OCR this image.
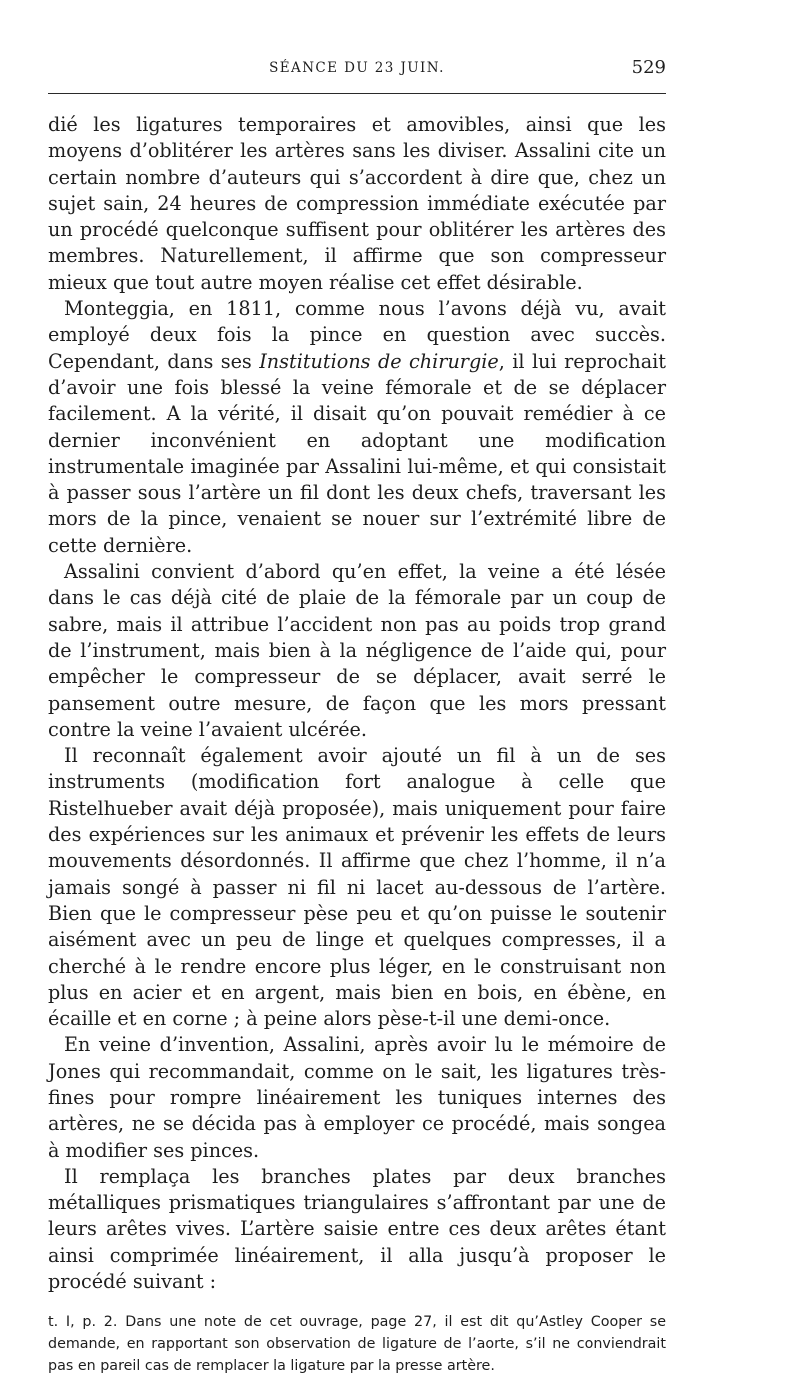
SÉANCE DU 23 JUIN.	529

dié les ligatures temporaires et amovibles, ainsi que les moyens d’oblitérer les artères sans les diviser. Assalini cite un certain nombre d’auteurs qui s’accordent à dire que, chez un sujet sain, 24 heures de compression immédiate exécutée par un procédé quelconque suffisent pour oblitérer les artères des membres. Naturellement, il affirme que son compresseur mieux que tout autre moyen réalise cet effet désirable.

Monteggia, en 1811, comme nous l’avons déjà vu, avait employé deux fois la pince en question avec succès. Cependant, dans ses Institutions de chirurgie, il lui reprochait d’avoir une fois blessé la veine fémorale et de se déplacer facilement. A la vérité, il disait qu’on pouvait remédier à ce dernier inconvénient en adoptant une modification instrumentale imaginée par Assalini lui-même, et qui consistait à passer sous l’artère un fil dont les deux chefs, traversant les mors de la pince, venaient se nouer sur l’extrémité libre de cette dernière.

Assalini convient d’abord qu’en effet, la veine a été lésée dans le cas déjà cité de plaie de la fémorale par un coup de sabre, mais il attribue l’accident non pas au poids trop grand de l’instrument, mais bien à la négligence de l’aide qui, pour empêcher le compresseur de se déplacer, avait serré le pansement outre mesure, de façon que les mors pressant contre la veine l’avaient ulcérée.

Il reconnaît également avoir ajouté un fil à un de ses instruments (modification fort analogue à celle que Ristelhueber avait déjà proposée), mais uniquement pour faire des expériences sur les animaux et prévenir les effets de leurs mouvements désordonnés. Il affirme que chez l’homme, il n’a jamais songé à passer ni fil ni lacet au-dessous de l’artère. Bien que le compresseur pèse peu et qu’on puisse le soutenir aisément avec un peu de linge et quelques compresses, il a cherché à le rendre encore plus léger, en le construisant non plus en acier et en argent, mais bien en bois, en ébène, en écaille et en corne ; à peine alors pèse-t-il une demi-once.

En veine d’invention, Assalini, après avoir lu le mémoire de Jones qui recommandait, comme on le sait, les ligatures très-fines pour rompre linéairement les tuniques internes des artères, ne se décida pas à employer ce procédé, mais songea à modifier ses pinces.

Il remplaça les branches plates par deux branches métalliques prismatiques triangulaires s’affrontant par une de leurs arêtes vives. L’artère saisie entre ces deux arêtes étant ainsi comprimée linéairement, il alla jusqu’à proposer le procédé suivant :

t. I, p. 2. Dans une note de cet ouvrage, page 27, il est dit qu’Astley Cooper se demande, en rapportant son observation de ligature de l’aorte, s’il ne conviendrait pas en pareil cas de remplacer la ligature par la presse artère.
